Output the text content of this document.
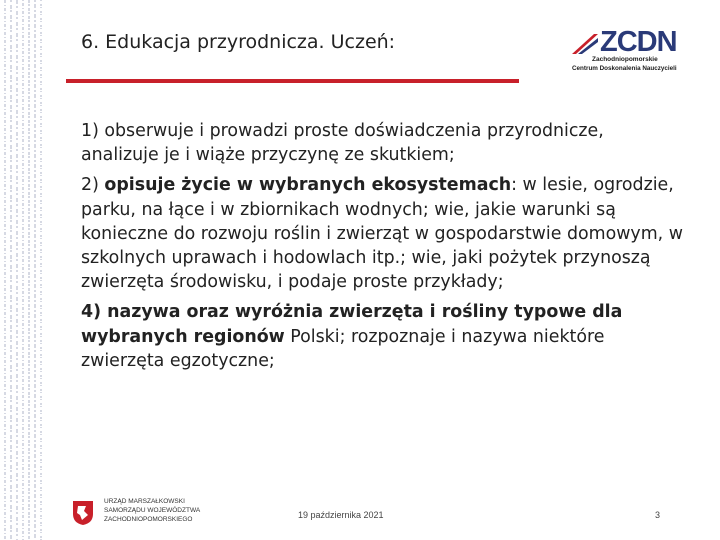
6. Edukacja przyrodnicza. Uczeń:	ZCDN
Zachodniopomorskie
Centrum Doskonalenia Nauczycieli

1) obserwuje i prowadzi proste doświadczenia przyrodnicze, analizuje je i wiąże przyczynę ze skutkiem;

2) opisuje życie w wybranych ekosystemach: w lesie, ogrodzie, parku, na łące i w zbiornikach wodnych; wie, jakie warunki są konieczne do rozwoju roślin i zwierząt w gospodarstwie domowym, w szkolnych uprawach i hodowlach itp.; wie, jaki pożytek przynoszą zwierzęta środowisku, i podaje proste przykłady;

4) nazywa oraz wyróżnia zwierzęta i rośliny typowe dla wybranych regionów Polski; rozpoznaje i nazywa niektóre zwierzęta egzotyczne;

URZĄD MARSZAŁKOWSKI
SAMORZĄDU WOJEWÓDZTWA
ZACHODNIOPOMORSKIEGO	19 października 2021	3
